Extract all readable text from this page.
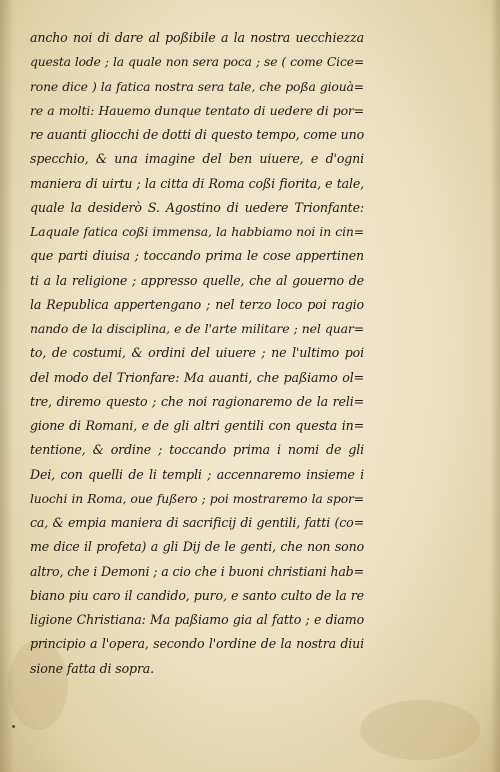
ancho noi di dare al poßibile a la nostra uecchiezza
questa lode ; la quale non sera poca ; se ( come Cice=
rone dice ) la fatica nostra sera tale, che poßa giouà=
re a molti: Hauemo dunque tentato di uedere di por=
re auanti gliocchi de dotti di questo tempo, come uno
specchio, & una imagine del ben uiuere, e d'ogni
maniera di uirtu ; la citta di Roma coßi fiorita, e tale,
quale la desiderò S. Agostino di uedere Trionfante:
Laquale fatica coßi immensa, la habbiamo noi in cin=
que parti diuisa ; toccando prima le cose appertinen
ti a la religione ; appresso quelle, che al gouerno de
la Republica appertengano ; nel terzo loco poi ragio
nando de la disciplina, e de l'arte militare ; nel quar=
to, de costumi, & ordini del uiuere ; ne l'ultimo poi
del modo del Trionfare: Ma auanti, che paßiamo ol=
tre, diremo questo ; che noi ragionaremo de la reli=
gione di Romani, e de gli altri gentili con questa in=
tentione, & ordine ; toccando prima i nomi de gli
Dei, con quelli de li templi ; accennaremo insieme i
luochi in Roma, oue fußero ; poi mostraremo la spor=
ca, & empia maniera di sacrificij di gentili, fatti (co=
me dice il profeta) a gli Dij de le genti, che non sono
altro, che i Demoni ; a cio che i buoni christiani hab=
biano piu caro il candido, puro, e santo culto de la re
ligione Christiana: Ma paßiamo gia al fatto ; e diamo
principio a l'opera, secondo l'ordine de la nostra diui
sione fatta di sopra.
